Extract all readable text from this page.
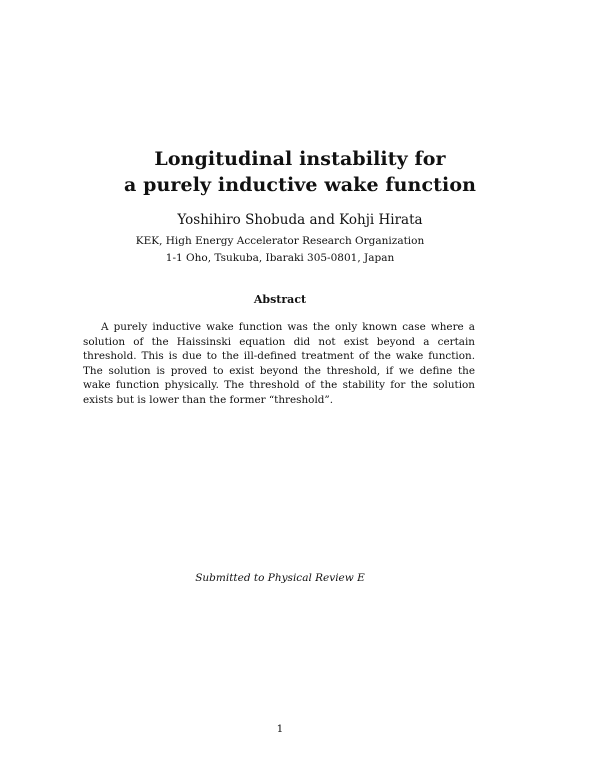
Longitudinal instability for
a purely inductive wake function
Yoshihiro Shobuda and Kohji Hirata
KEK, High Energy Accelerator Research Organization
1-1 Oho, Tsukuba, Ibaraki 305-0801, Japan
Abstract
A purely inductive wake function was the only known case where a solution of the Haissinski equation did not exist beyond a certain threshold. This is due to the ill-defined treatment of the wake function. The solution is proved to exist beyond the threshold, if we define the wake function physically. The threshold of the stability for the solution exists but is lower than the former “threshold”.
Submitted to Physical Review E
1
